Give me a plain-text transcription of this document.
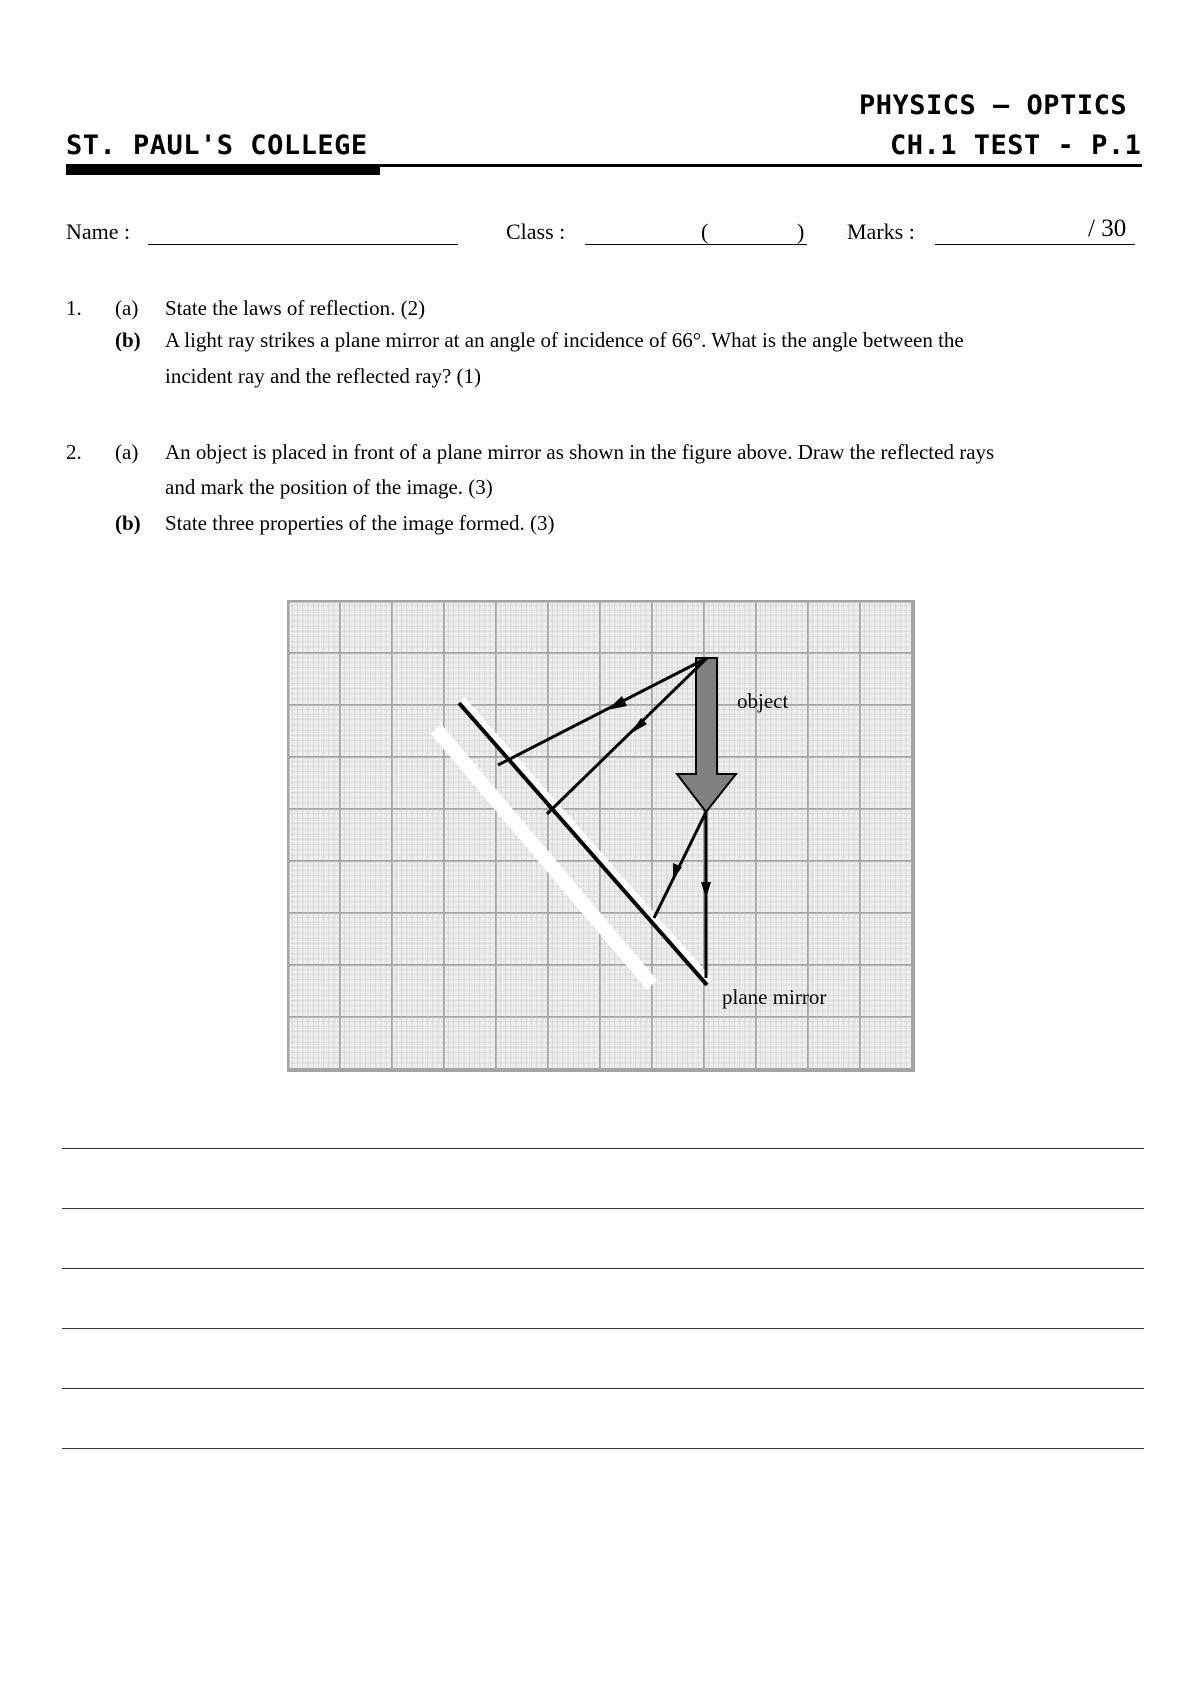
PHYSICS – OPTICS
ST. PAUL'S COLLEGE	CH.1 TEST - P.1
Name :	Class :	(	) Marks :	/ 30
1. (a) State the laws of reflection. (2)
(b) A light ray strikes a plane mirror at an angle of incidence of 66°. What is the angle between the
incident ray and the reflected ray? (1)
2. (a) An object is placed in front of a plane mirror as shown in the figure above. Draw the reflected rays
and mark the position of the image. (3)
(b) State three properties of the image formed. (3)
object
plane mirror
